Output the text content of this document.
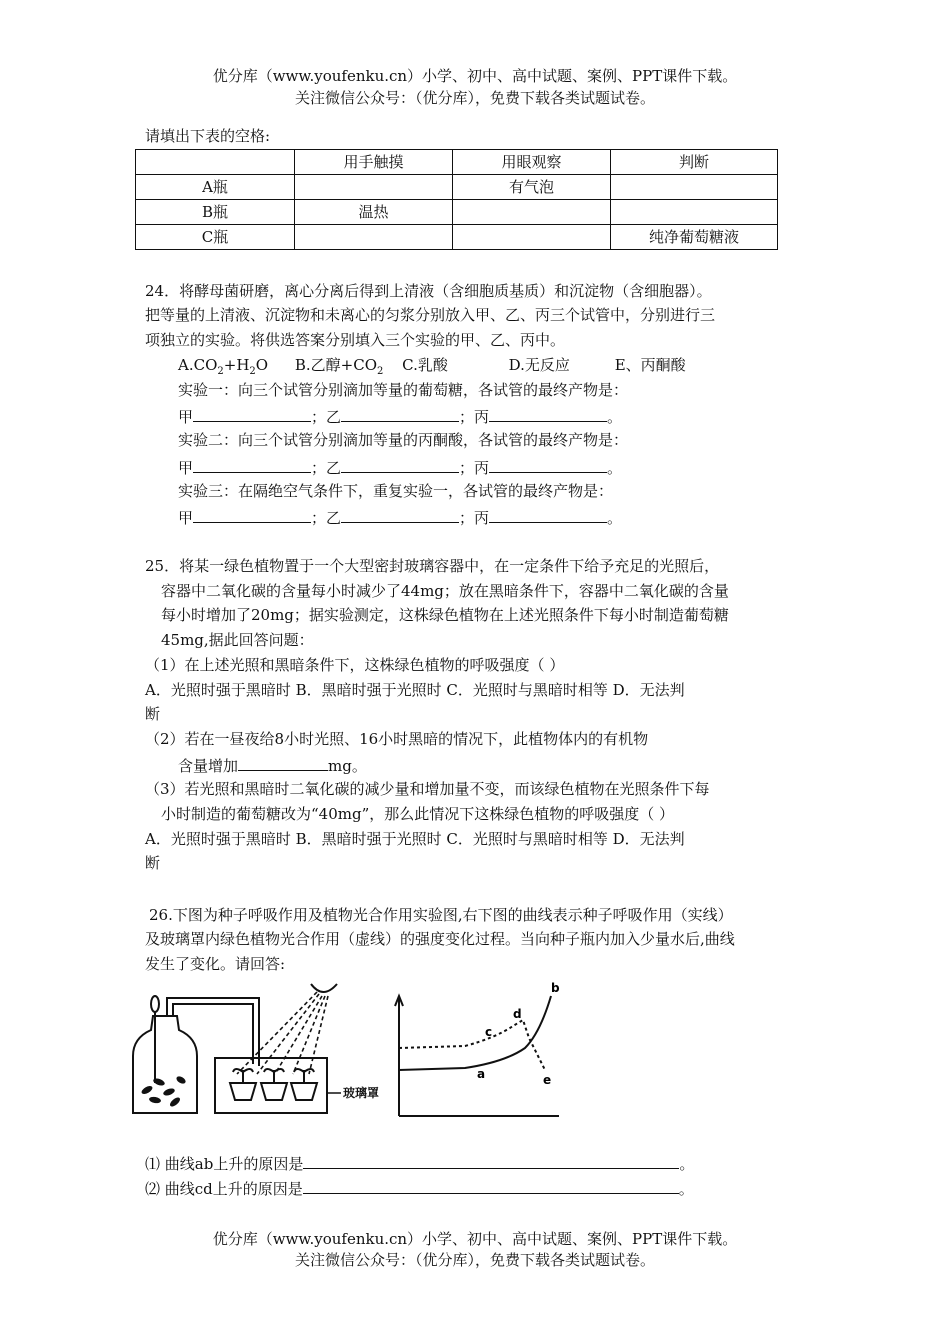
优分库（www.youfenku.cn）小学、初中、高中试题、案例、PPT课件下载。
关注微信公众号：（优分库），免费下载各类试题试卷。
请填出下表的空格:
	用手触摸	用眼观察	判断
A瓶		有气泡	
B瓶	温热		
C瓶			纯净葡萄糖液
24．将酵母菌研磨，离心分离后得到上清液（含细胞质基质）和沉淀物（含细胞器）。
把等量的上清液、沉淀物和未离心的匀浆分别放入甲、乙、丙三个试管中，分别进行三
项独立的实验。将供选答案分别填入三个实验的甲、乙、丙中。
$A.CO_2+H_2O$ B.乙醇$+CO_2$ C.乳酸	D.无反应	E、丙酮酸
实验一：向三个试管分别滴加等量的葡萄糖，各试管的最终产物是：
甲	；乙	；丙	。
实验二：向三个试管分别滴加等量的丙酮酸，各试管的最终产物是：
甲	；乙	；丙	。
实验三：在隔绝空气条件下，重复实验一，各试管的最终产物是：
甲	；乙	；丙	。
25．将某一绿色植物置于一个大型密封玻璃容器中，在一定条件下给予充足的光照后，
容器中二氧化碳的含量每小时减少了44mg；放在黑暗条件下，容器中二氧化碳的含量
每小时增加了20mg；据实验测定，这株绿色植物在上述光照条件下每小时制造葡萄糖
45mg,据此回答问题：
（1）在上述光照和黑暗条件下，这株绿色植物的呼吸强度（ ）
A．光照时强于黑暗时 B．黑暗时强于光照时 C．光照时与黑暗时相等 D．无法判
断
（2）若在一昼夜给8小时光照、16小时黑暗的情况下，此植物体内的有机物
含量增加	mg。
（3）若光照和黑暗时二氧化碳的减少量和增加量不变，而该绿色植物在光照条件下每
小时制造的葡萄糖改为“40mg”，那么此情况下这株绿色植物的呼吸强度（ ）
A．光照时强于黑暗时 B．黑暗时强于光照时 C．光照时与黑暗时相等 D．无法判
断
26.下图为种子呼吸作用及植物光合作用实验图,右下图的曲线表示种子呼吸作用（实线）
及玻璃罩内绿色植物光合作用（虚线）的强度变化过程。当向种子瓶内加入少量水后,曲线
发生了变化。请回答:
玻璃罩
a
b
c
d
e
⑴ 曲线ab上升的原因是	。
⑵ 曲线cd上升的原因是	。
优分库（www.youfenku.cn）小学、初中、高中试题、案例、PPT课件下载。
关注微信公众号：（优分库），免费下载各类试题试卷。
